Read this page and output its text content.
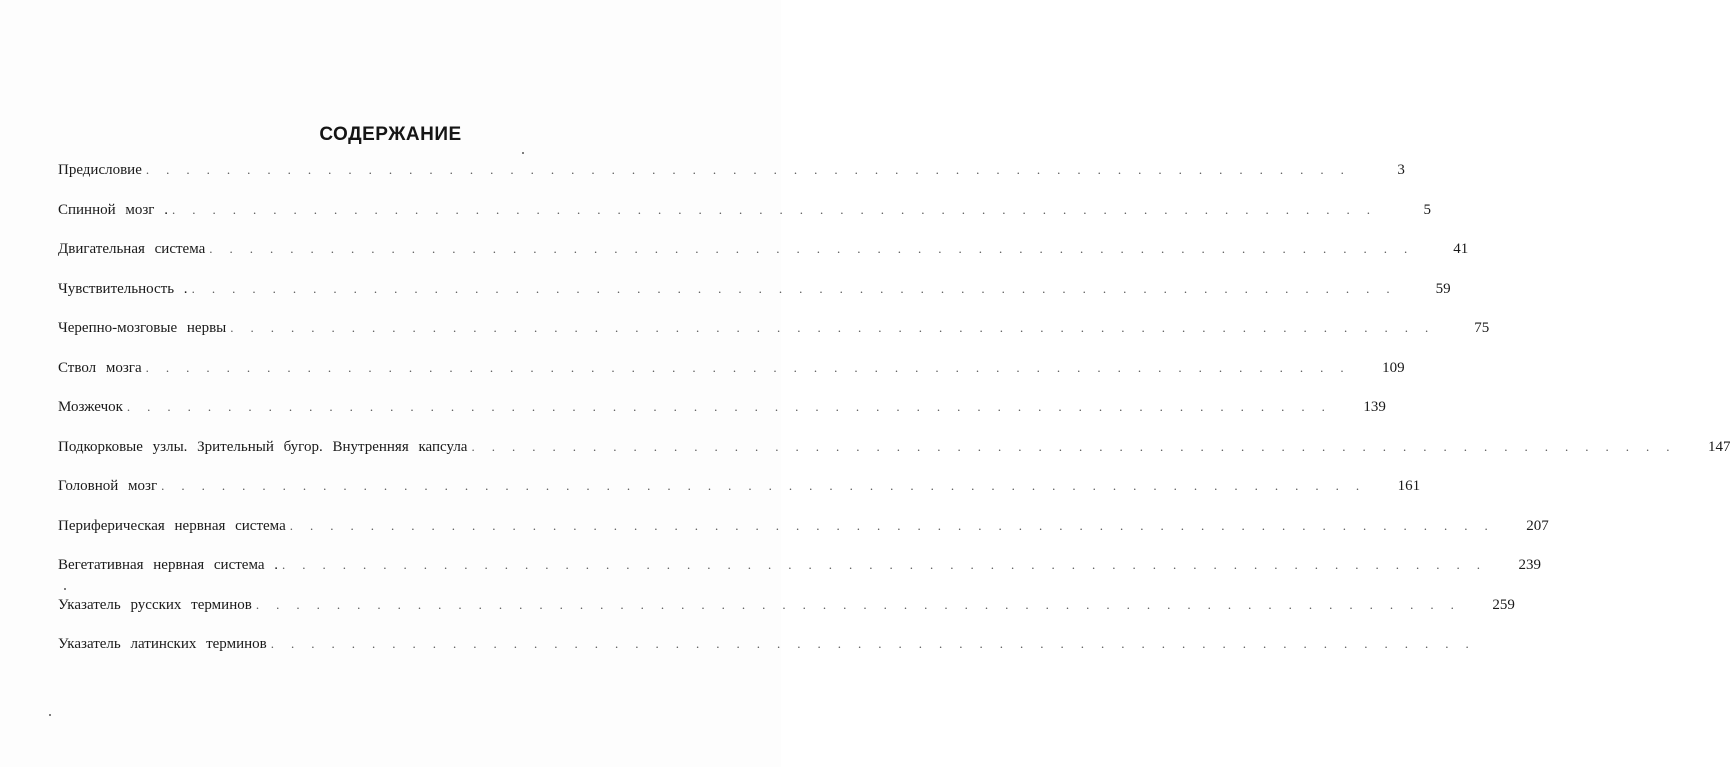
СОДЕРЖАНИЕ
Предисловие ............................................................	3
Спинной мозг . ............................................................	5
Двигательная система ............................................................	41
Чувствительность . ............................................................	59
Черепно-мозговые нервы ............................................................	75
Ствол мозга ............................................................	109
Мозжечок ............................................................	139
Подкорковые узлы. Зрительный бугор. Внутренняя капсула ............................................................	147
Головной мозг ............................................................	161
Периферическая нервная система ............................................................	207
Вегетативная нервная система . ............................................................	239
Указатель русских терминов ............................................................	259
Указатель латинских терминов ............................................................
